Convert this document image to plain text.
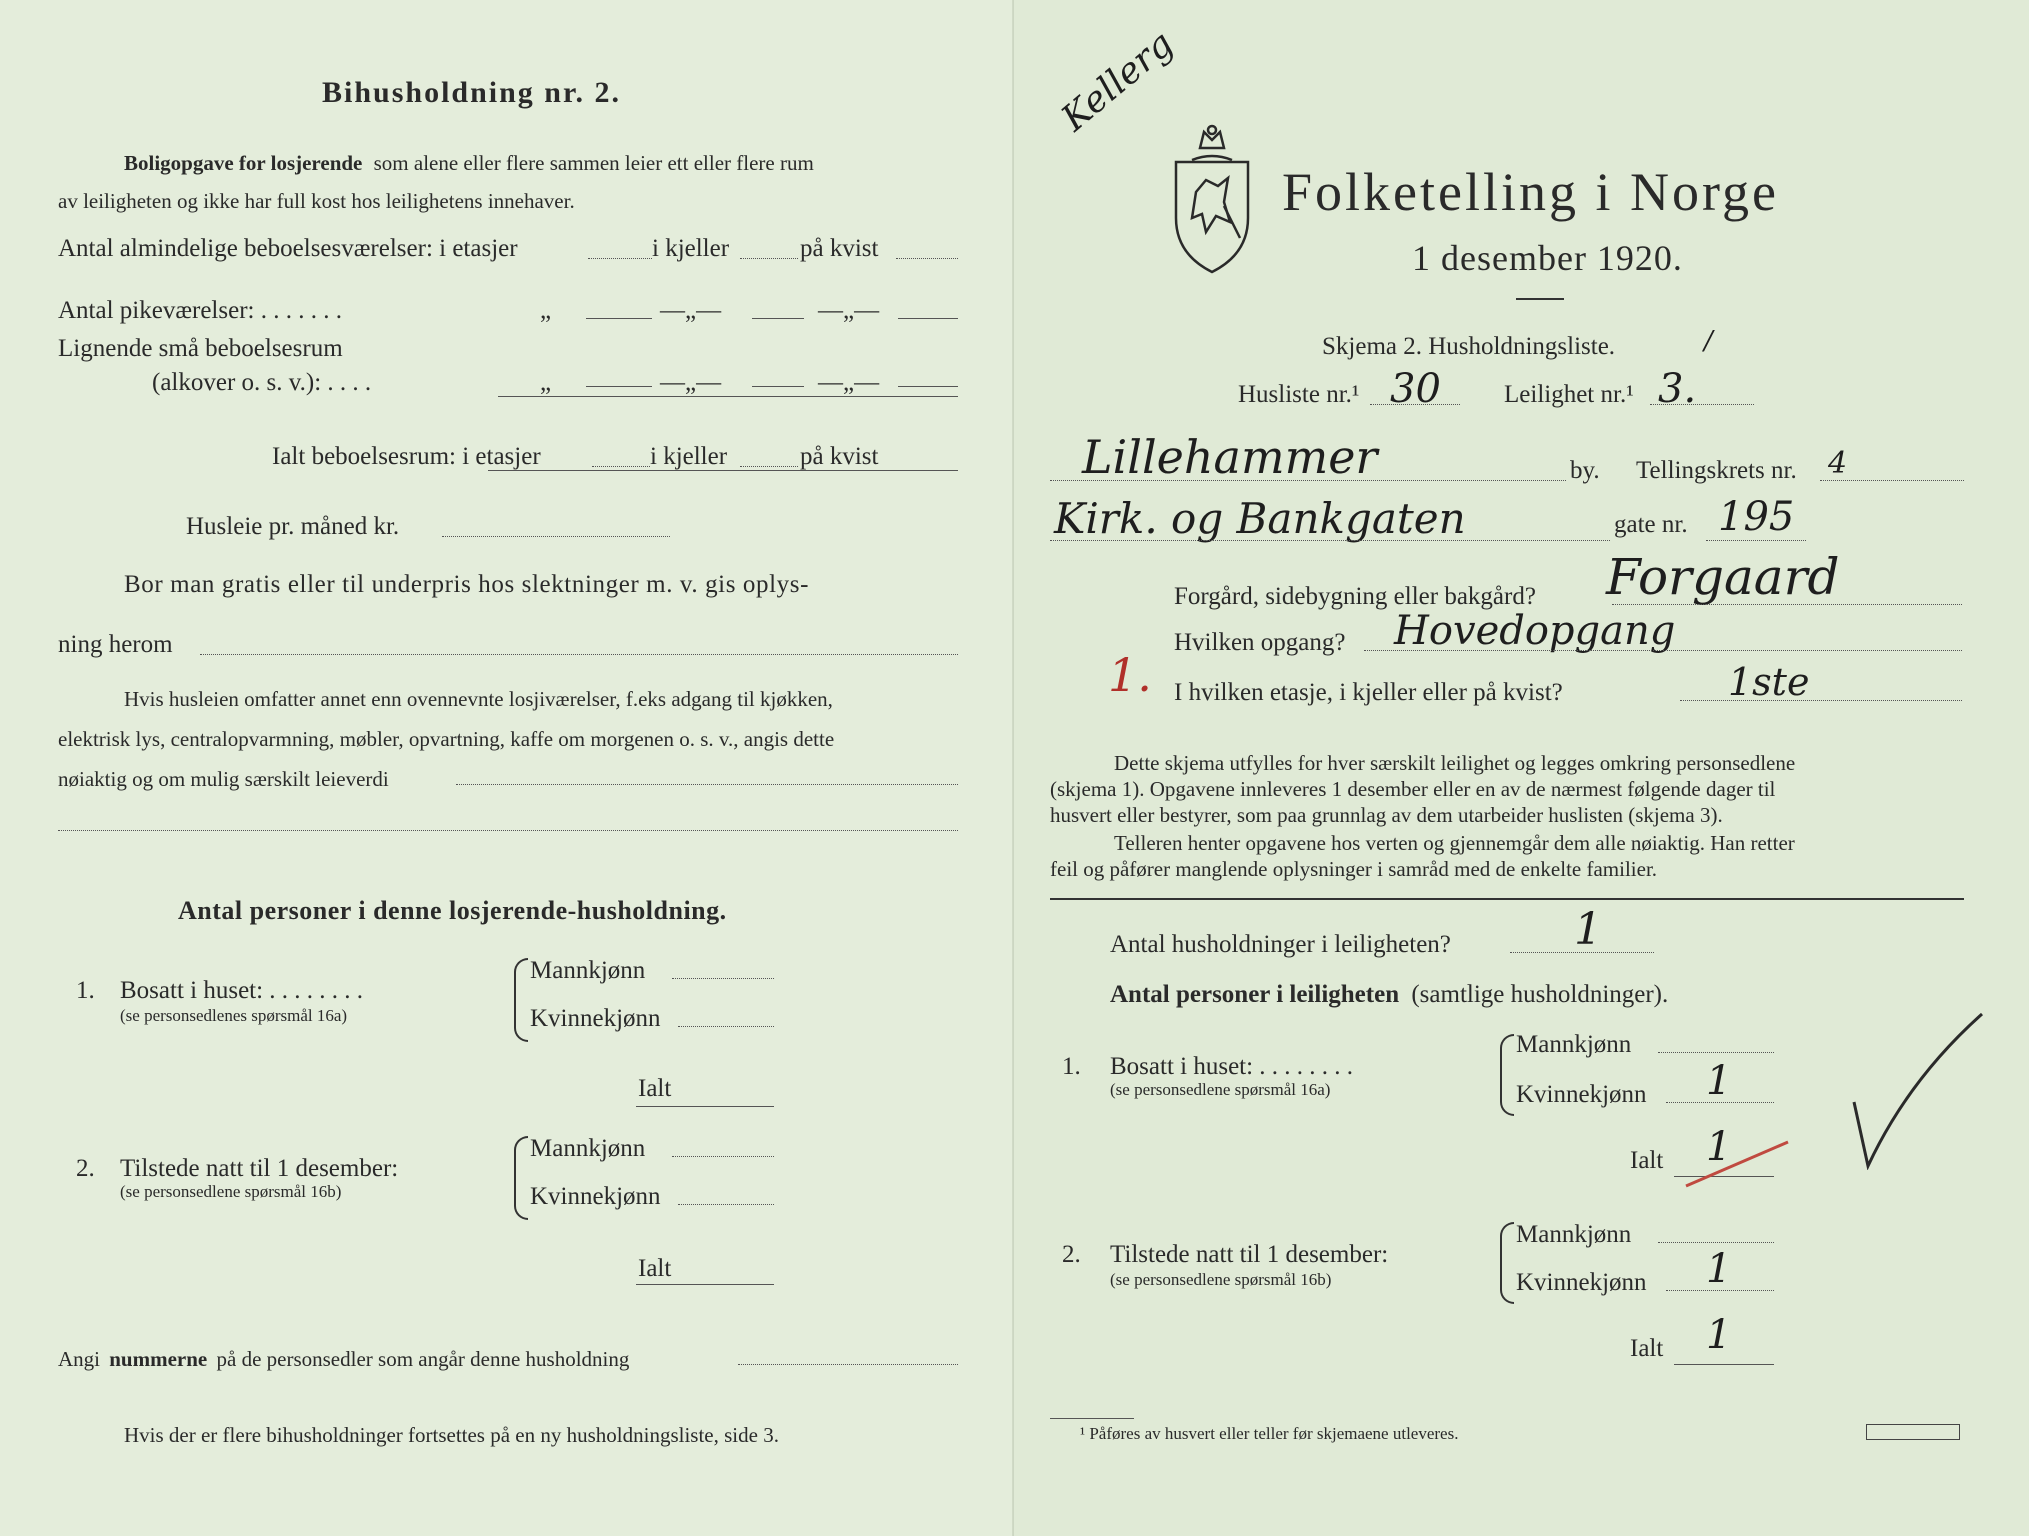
Bihusholdning nr. 2.
Boligopgave for losjerende som alene eller flere sammen leier ett eller flere rum
av leiligheten og ikke har full kost hos leilighetens innehaver.
Antal almindelige beboelsesværelser: i etasjer	i kjeller	på kvist
Antal pikeværelser: . . . . . . .	„	—„—	—„—
Lignende små beboelsesrum
(alkover o. s. v.): . . . .	„	—„—	—„—
Ialt beboelsesrum: i etasjer	i kjeller	på kvist
Husleie pr. måned kr.
Bor man gratis eller til underpris hos slektninger m. v. gis oplys-
ning herom
Hvis husleien omfatter annet enn ovennevnte losjiværelser, f.eks adgang til kjøkken,
elektrisk lys, centralopvarmning, møbler, opvartning, kaffe om morgenen o. s. v., angis dette
nøiaktig og om mulig særskilt leieverdi
Antal personer i denne losjerende-husholdning.
1. Bosatt i huset: . . . . . . . .
(se personsedlenes spørsmål 16a)
Mannkjønn
Kvinnekjønn
Ialt
2. Tilstede natt til 1 desember:
(se personsedlene spørsmål 16b)
Mannkjønn
Kvinnekjønn
Ialt
Angi nummerne på de personsedler som angår denne husholdning
Hvis der er flere bihusholdninger fortsettes på en ny husholdningsliste, side 3.
Kellerg
Folketelling i Norge
1 desember 1920.
Skjema 2. Husholdningsliste.	/
Husliste nr.¹ 30	Leilighet nr.¹ 3.
Lillehammer	by. Tellingskrets nr. 4
Kirk. og Bankgaten	gate nr. 195
Forgård, sidebygning eller bakgård? Forgaard
1.
Hvilken opgang? Hovedopgang
I hvilken etasje, i kjeller eller på kvist?	1ste
Dette skjema utfylles for hver særskilt leilighet og legges omkring personsedlene
(skjema 1). Opgavene innleveres 1 desember eller en av de nærmest følgende dager til
husvert eller bestyrer, som paa grunnlag av dem utarbeider huslisten (skjema 3).
Telleren henter opgavene hos verten og gjennemgår dem alle nøiaktig. Han retter
feil og påfører manglende oplysninger i samråd med de enkelte familier.
Antal husholdninger i leiligheten?	1
Antal personer i leiligheten (samtlige husholdninger).
1. Bosatt i huset: . . . . . . . .
(se personsedlene spørsmål 16a)
Mannkjønn
Kvinnekjønn 1
Ialt 1
2. Tilstede natt til 1 desember:
(se personsedlene spørsmål 16b)
Mannkjønn
Kvinnekjønn 1
Ialt 1
¹ Påføres av husvert eller teller før skjemaene utleveres.
